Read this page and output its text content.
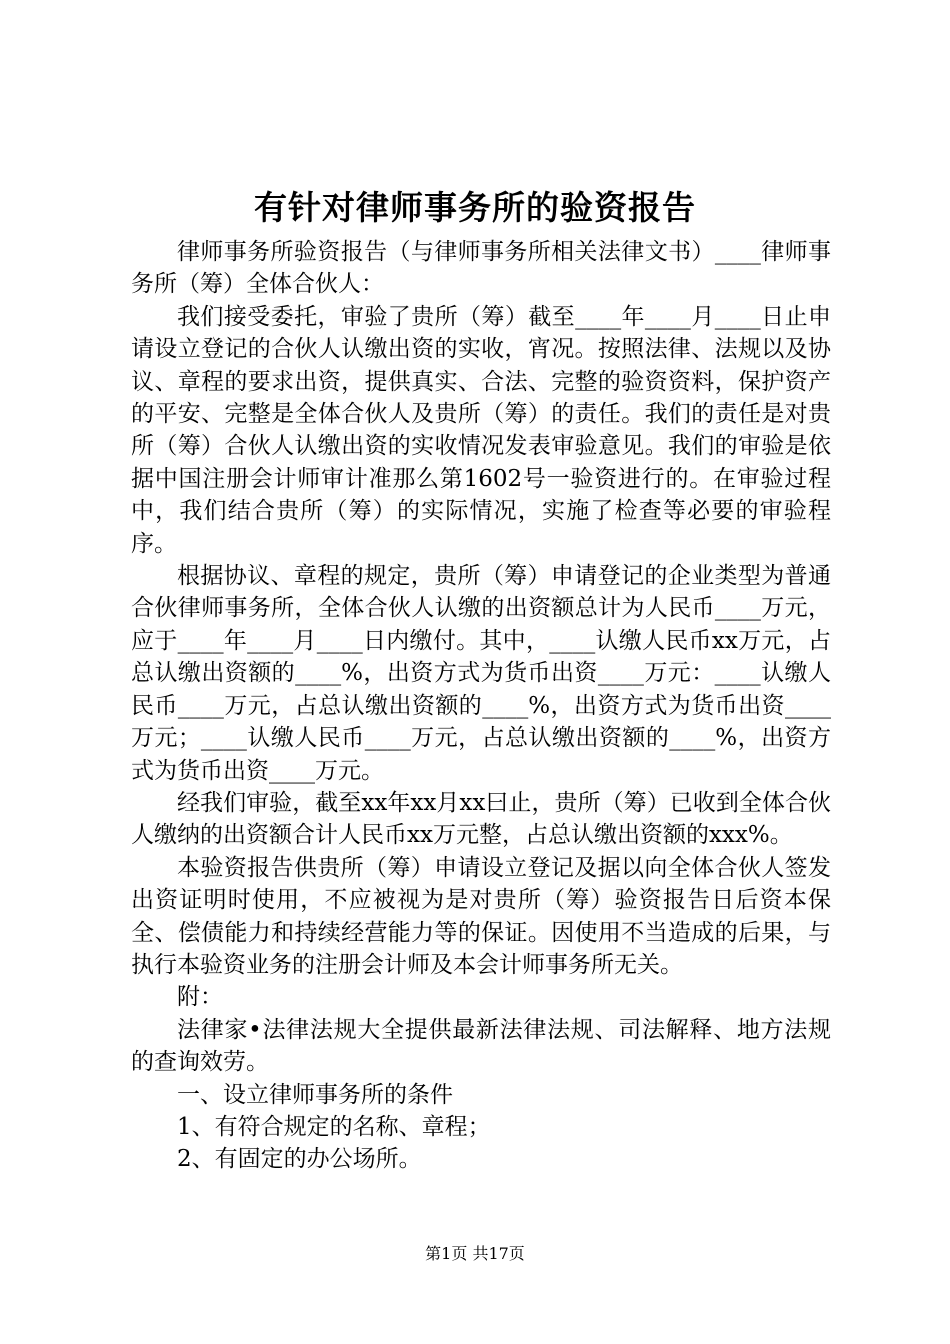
有针对律师事务所的验资报告

律师事务所验资报告（与律师事务所相关法律文书）____律师事务所（筹）全体合伙人：

我们接受委托，审验了贵所（筹）截至____年____月____日止申请设立登记的合伙人认缴出资的实收，宵况。按照法律、法规以及协议、章程的要求出资，提供真实、合法、完整的验资资料，保护资产的平安、完整是全体合伙人及贵所（筹）的责任。我们的责任是对贵所（筹）合伙人认缴出资的实收情况发表审验意见。我们的审验是依据中国注册会计师审计准那么第1602号一验资进行的。在审验过程中，我们结合贵所（筹）的实际情况，实施了检查等必要的审验程序。

根据协议、章程的规定，贵所（筹）申请登记的企业类型为普通合伙律师事务所，全体合伙人认缴的出资额总计为人民币____万元，应于____年____月____日内缴付。其中，____认缴人民币xx万元，占总认缴出资额的____%，出资方式为货币出资____万元：____认缴人民币____万元，占总认缴出资额的____%，出资方式为货币出资____万元；____认缴人民币____万元，占总认缴出资额的____%，出资方式为货币出资____万元。

经我们审验，截至xx年xx月xx曰止，贵所（筹）已收到全体合伙人缴纳的出资额合计人民币xx万元整，占总认缴出资额的xxx%。

本验资报告供贵所（筹）申请设立登记及据以向全体合伙人签发出资证明时使用，不应被视为是对贵所（筹）验资报告日后资本保全、偿债能力和持续经营能力等的保证。因使用不当造成的后果，与执行本验资业务的注册会计师及本会计师事务所无关。

附：

法律家•法律法规大全提供最新法律法规、司法解释、地方法规的查询效劳。

一、设立律师事务所的条件

1、有符合规定的名称、章程；

2、有固定的办公场所。

第1页 共17页
